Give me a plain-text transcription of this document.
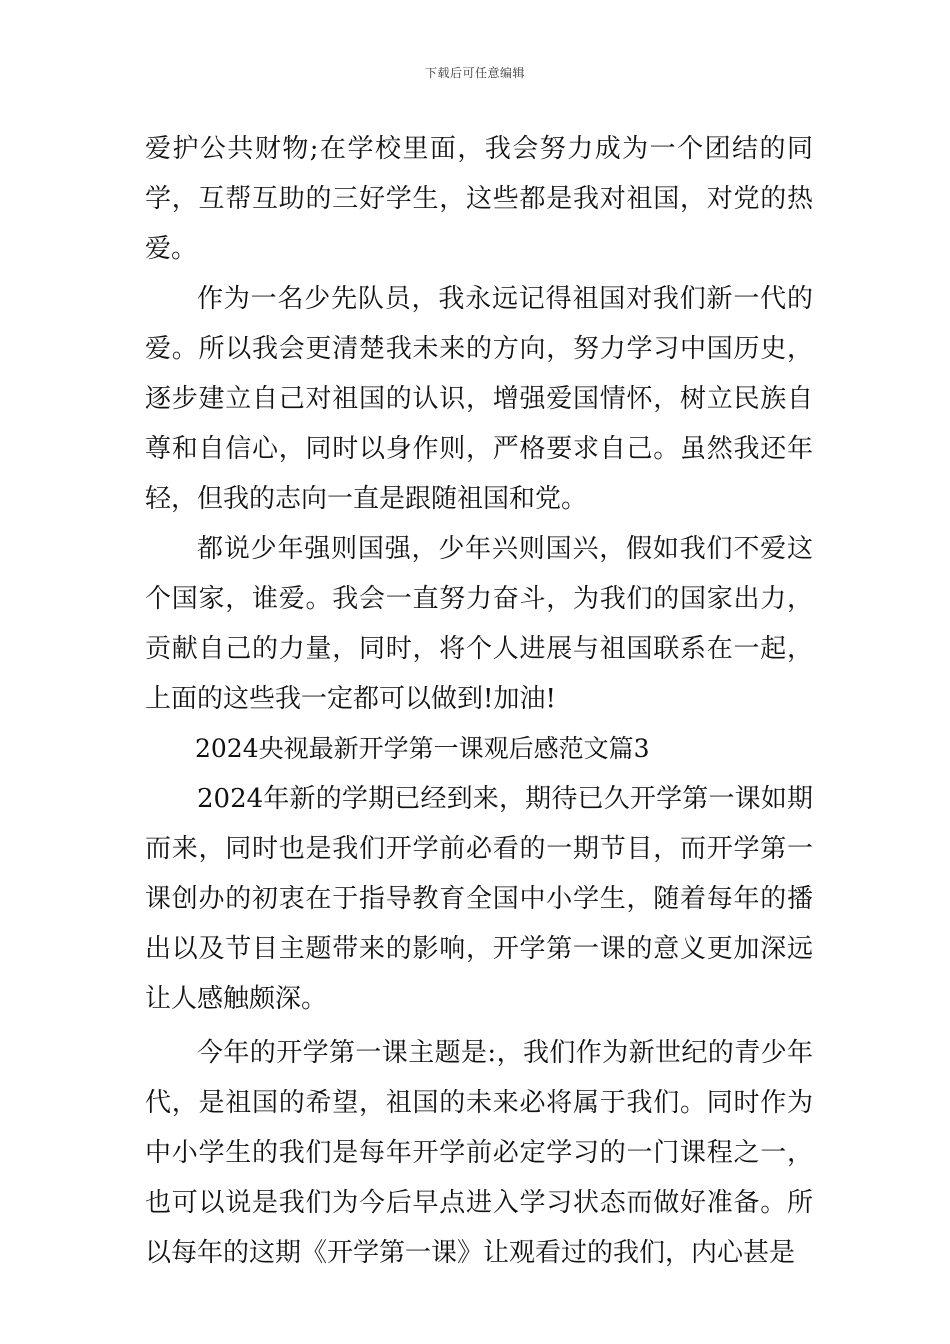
下载后可任意编辑

爱护公共财物;在学校里面，我会努力成为一个团结的同学，互帮互助的三好学生，这些都是我对祖国，对党的热爱。

作为一名少先队员，我永远记得祖国对我们新一代的爱。所以我会更清楚我未来的方向，努力学习中国历史，逐步建立自己对祖国的认识，增强爱国情怀，树立民族自尊和自信心，同时以身作则，严格要求自己。虽然我还年轻，但我的志向一直是跟随祖国和党。

都说少年强则国强，少年兴则国兴，假如我们不爱这个国家，谁爱。我会一直努力奋斗，为我们的国家出力，贡献自己的力量，同时，将个人进展与祖国联系在一起，上面的这些我一定都可以做到!加油!

2024央视最新开学第一课观后感范文篇3

2024年新的学期已经到来，期待已久开学第一课如期而来，同时也是我们开学前必看的一期节目，而开学第一课创办的初衷在于指导教育全国中小学生，随着每年的播出以及节目主题带来的影响，开学第一课的意义更加深远让人感触颇深。

今年的开学第一课主题是:，我们作为新世纪的青少年代，是祖国的希望，祖国的未来必将属于我们。同时作为中小学生的我们是每年开学前必定学习的一门课程之一，也可以说是我们为今后早点进入学习状态而做好准备。所以每年的这期《开学第一课》让观看过的我们，内心甚是
